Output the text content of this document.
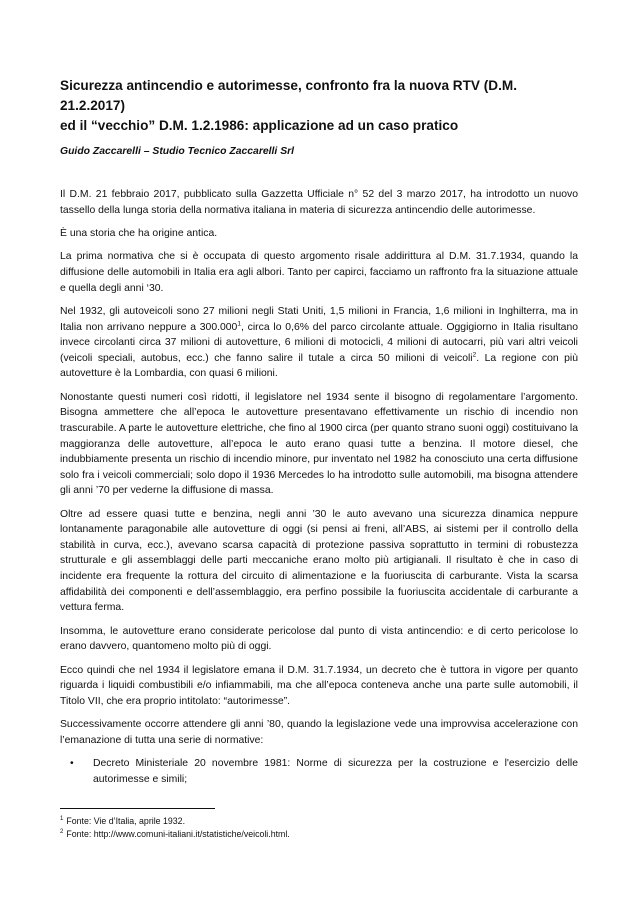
Sicurezza antincendio e autorimesse, confronto fra la nuova RTV (D.M. 21.2.2017)
ed il “vecchio” D.M. 1.2.1986: applicazione ad un caso pratico

Guido Zaccarelli – Studio Tecnico Zaccarelli Srl

Il D.M. 21 febbraio 2017, pubblicato sulla Gazzetta Ufficiale n° 52 del 3 marzo 2017, ha introdotto un nuovo tassello della lunga storia della normativa italiana in materia di sicurezza antincendio delle autorimesse.

È una storia che ha origine antica.

La prima normativa che si è occupata di questo argomento risale addirittura al D.M. 31.7.1934, quando la diffusione delle automobili in Italia era agli albori. Tanto per capirci, facciamo un raffronto fra la situazione attuale e quella degli anni ‘30.

Nel 1932, gli autoveicoli sono 27 milioni negli Stati Uniti, 1,5 milioni in Francia, 1,6 milioni in Inghilterra, ma in Italia non arrivano neppure a 300.000$^1$, circa lo 0,6% del parco circolante attuale. Oggigiorno in Italia risultano invece circolanti circa 37 milioni di autovetture, 6 milioni di motocicli, 4 milioni di autocarri, più vari altri veicoli (veicoli speciali, autobus, ecc.) che fanno salire il tutale a circa 50 milioni di veicoli$^2$. La regione con più autovetture è la Lombardia, con quasi 6 milioni.

Nonostante questi numeri così ridotti, il legislatore nel 1934 sente il bisogno di regolamentare l’argomento. Bisogna ammettere che all’epoca le autovetture presentavano effettivamente un rischio di incendio non trascurabile. A parte le autovetture elettriche, che fino al 1900 circa (per quanto strano suoni oggi) costituivano la maggioranza delle autovetture, all’epoca le auto erano quasi tutte a benzina. Il motore diesel, che indubbiamente presenta un rischio di incendio minore, pur inventato nel 1982 ha conosciuto una certa diffusione solo fra i veicoli commerciali; solo dopo il 1936 Mercedes lo ha introdotto sulle automobili, ma bisogna attendere gli anni ’70 per vederne la diffusione di massa.

Oltre ad essere quasi tutte e benzina, negli anni ’30 le auto avevano una sicurezza dinamica neppure lontanamente paragonabile alle autovetture di oggi (si pensi ai freni, all’ABS, ai sistemi per il controllo della stabilità in curva, ecc.), avevano scarsa capacità di protezione passiva soprattutto in termini di robustezza strutturale e gli assemblaggi delle parti meccaniche erano molto più artigianali. Il risultato è che in caso di incidente era frequente la rottura del circuito di alimentazione e la fuoriuscita di carburante. Vista la scarsa affidabilità dei componenti e dell’assemblaggio, era perfino possibile la fuoriuscita accidentale di carburante a vettura ferma.

Insomma, le autovetture erano considerate pericolose dal punto di vista antincendio: e di certo pericolose lo erano davvero, quantomeno molto più di oggi.

Ecco quindi che nel 1934 il legislatore emana il D.M. 31.7.1934, un decreto che è tuttora in vigore per quanto riguarda i liquidi combustibili e/o infiammabili, ma che all’epoca conteneva anche una parte sulle automobili, il Titolo VII, che era proprio intitolato: “autorimesse”.

Successivamente occorre attendere gli anni ’80, quando la legislazione vede una improvvisa accelerazione con l’emanazione di tutta una serie di normative:

• Decreto Ministeriale 20 novembre 1981: Norme di sicurezza per la costruzione e l'esercizio delle autorimesse e simili;

$^1$ Fonte: Vie d’Italia, aprile 1932.

$^2$ Fonte: http://www.comuni-italiani.it/statistiche/veicoli.html.
